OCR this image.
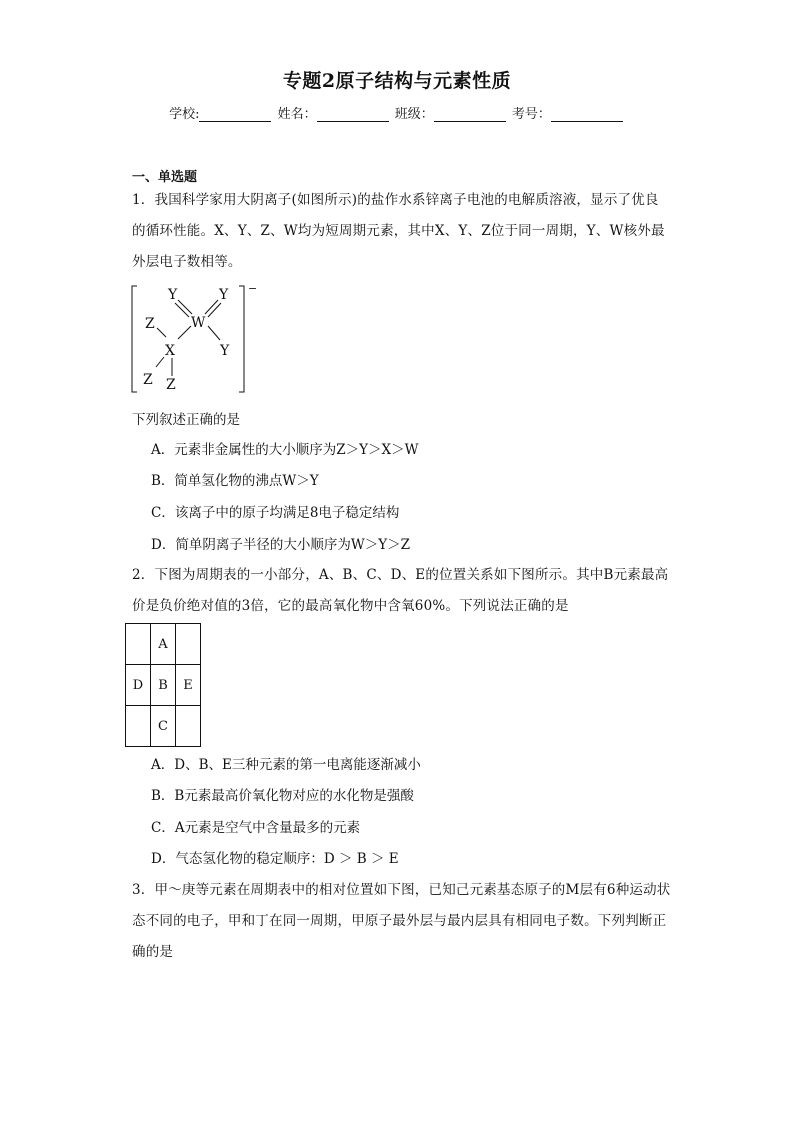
专题2原子结构与元素性质
学校:	姓名：	班级：	考号：
一、单选题

1．我国科学家用大阴离子(如图所示)的盐作水系锌离子电池的电解质溶液，显示了优良的循环性能。X、Y、Z、W均为短周期元素，其中X、Y、Z位于同一周期，Y、W核外最外层电子数相等。

−
Y	Y
W
Z
X	Y
Z Z
下列叙述正确的是
A．元素非金属性的大小顺序为Z＞Y＞X＞W
B．简单氢化物的沸点W＞Y
C．该离子中的原子均满足8电子稳定结构
D．简单阴离子半径的大小顺序为W＞Y＞Z

2．下图为周期表的一小部分，A、B、C、D、E的位置关系如下图所示。其中B元素最高价是负价绝对值的3倍，它的最高氧化物中含氧60%。下列说法正确的是

	A	
D	B	E
	C	
A．D、B、E三种元素的第一电离能逐渐减小
B．B元素最高价氧化物对应的水化物是强酸
C．A元素是空气中含量最多的元素
D．气态氢化物的稳定顺序：D ＞ B ＞ E

3．甲～庚等元素在周期表中的相对位置如下图，已知己元素基态原子的M层有6种运动状态不同的电子，甲和丁在同一周期，甲原子最外层与最内层具有相同电子数。下列判断正确的是
